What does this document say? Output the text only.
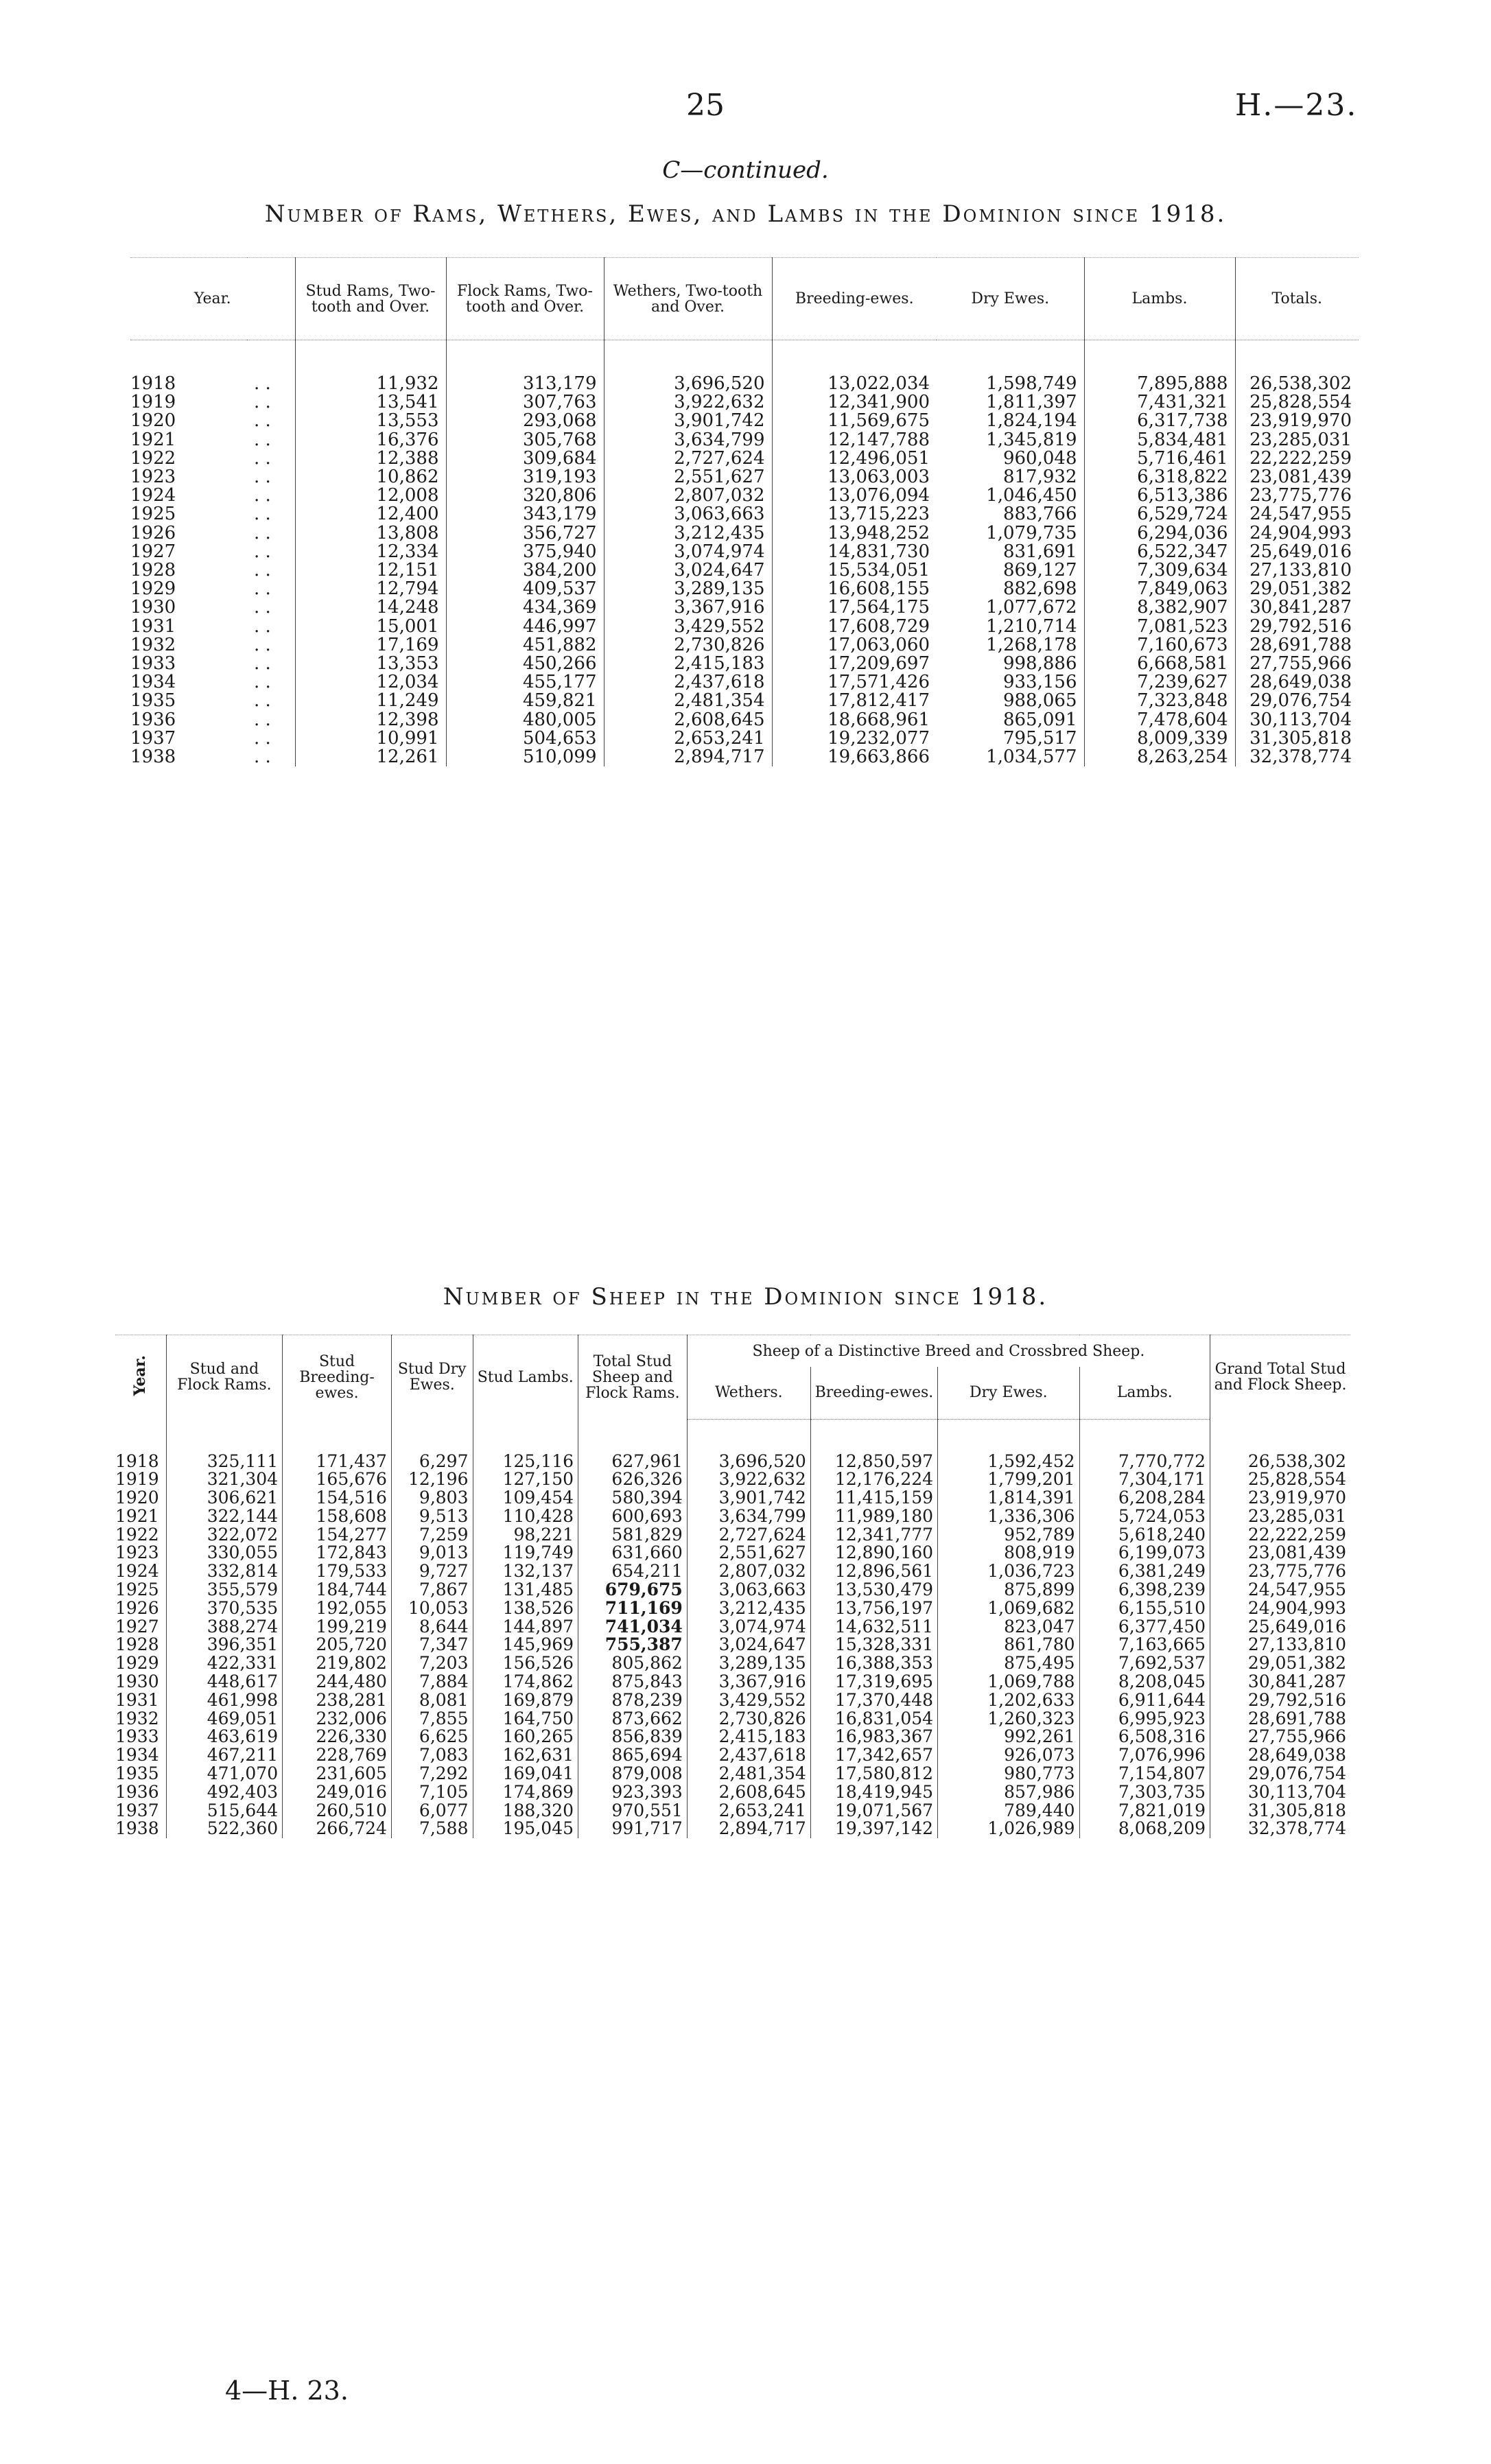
25	H.—23.
C—continued.
Number of Rams, Wethers, Ewes, and Lambs in the Dominion since 1918.
Year.		Stud Rams, Two-tooth and Over.	Flock Rams, Two-tooth and Over.	Wethers, Two-tooth and Over.	Breeding-ewes.	Dry Ewes.	Lambs.	Totals.

1918	. .	11,932	313,179	3,696,520	13,022,034	1,598,749	7,895,888	26,538,302
1919	. .	13,541	307,763	3,922,632	12,341,900	1,811,397	7,431,321	25,828,554
1920	. .	13,553	293,068	3,901,742	11,569,675	1,824,194	6,317,738	23,919,970
1921	. .	16,376	305,768	3,634,799	12,147,788	1,345,819	5,834,481	23,285,031
1922	. .	12,388	309,684	2,727,624	12,496,051	960,048	5,716,461	22,222,259
1923	. .	10,862	319,193	2,551,627	13,063,003	817,932	6,318,822	23,081,439
1924	. .	12,008	320,806	2,807,032	13,076,094	1,046,450	6,513,386	23,775,776
1925	. .	12,400	343,179	3,063,663	13,715,223	883,766	6,529,724	24,547,955
1926	. .	13,808	356,727	3,212,435	13,948,252	1,079,735	6,294,036	24,904,993
1927	. .	12,334	375,940	3,074,974	14,831,730	831,691	6,522,347	25,649,016
1928	. .	12,151	384,200	3,024,647	15,534,051	869,127	7,309,634	27,133,810
1929	. .	12,794	409,537	3,289,135	16,608,155	882,698	7,849,063	29,051,382
1930	. .	14,248	434,369	3,367,916	17,564,175	1,077,672	8,382,907	30,841,287
1931	. .	15,001	446,997	3,429,552	17,608,729	1,210,714	7,081,523	29,792,516
1932	. .	17,169	451,882	2,730,826	17,063,060	1,268,178	7,160,673	28,691,788
1933	. .	13,353	450,266	2,415,183	17,209,697	998,886	6,668,581	27,755,966
1934	. .	12,034	455,177	2,437,618	17,571,426	933,156	7,239,627	28,649,038
1935	. .	11,249	459,821	2,481,354	17,812,417	988,065	7,323,848	29,076,754
1936	. .	12,398	480,005	2,608,645	18,668,961	865,091	7,478,604	30,113,704
1937	. .	10,991	504,653	2,653,241	19,232,077	795,517	8,009,339	31,305,818
1938	. .	12,261	510,099	2,894,717	19,663,866	1,034,577	8,263,254	32,378,774
Number of Sheep in the Dominion since 1918.
Year.	Stud and Flock Rams.	Stud Breeding-ewes.	Stud Dry Ewes.	Stud Lambs.	Total Stud Sheep and Flock Rams.	Sheep of a Distinctive Breed and Crossbred Sheep.				Grand Total Stud and Flock Sheep.
						Wethers.	Breeding-ewes.	Dry Ewes.	Lambs.	

1918	325,111	171,437	6,297	125,116	627,961	3,696,520	12,850,597	1,592,452	7,770,772	26,538,302
1919	321,304	165,676	12,196	127,150	626,326	3,922,632	12,176,224	1,799,201	7,304,171	25,828,554
1920	306,621	154,516	9,803	109,454	580,394	3,901,742	11,415,159	1,814,391	6,208,284	23,919,970
1921	322,144	158,608	9,513	110,428	600,693	3,634,799	11,989,180	1,336,306	5,724,053	23,285,031
1922	322,072	154,277	7,259	98,221	581,829	2,727,624	12,341,777	952,789	5,618,240	22,222,259
1923	330,055	172,843	9,013	119,749	631,660	2,551,627	12,890,160	808,919	6,199,073	23,081,439
1924	332,814	179,533	9,727	132,137	654,211	2,807,032	12,896,561	1,036,723	6,381,249	23,775,776
1925	355,579	184,744	7,867	131,485	679,675	3,063,663	13,530,479	875,899	6,398,239	24,547,955
1926	370,535	192,055	10,053	138,526	711,169	3,212,435	13,756,197	1,069,682	6,155,510	24,904,993
1927	388,274	199,219	8,644	144,897	741,034	3,074,974	14,632,511	823,047	6,377,450	25,649,016
1928	396,351	205,720	7,347	145,969	755,387	3,024,647	15,328,331	861,780	7,163,665	27,133,810
1929	422,331	219,802	7,203	156,526	805,862	3,289,135	16,388,353	875,495	7,692,537	29,051,382
1930	448,617	244,480	7,884	174,862	875,843	3,367,916	17,319,695	1,069,788	8,208,045	30,841,287
1931	461,998	238,281	8,081	169,879	878,239	3,429,552	17,370,448	1,202,633	6,911,644	29,792,516
1932	469,051	232,006	7,855	164,750	873,662	2,730,826	16,831,054	1,260,323	6,995,923	28,691,788
1933	463,619	226,330	6,625	160,265	856,839	2,415,183	16,983,367	992,261	6,508,316	27,755,966
1934	467,211	228,769	7,083	162,631	865,694	2,437,618	17,342,657	926,073	7,076,996	28,649,038
1935	471,070	231,605	7,292	169,041	879,008	2,481,354	17,580,812	980,773	7,154,807	29,076,754
1936	492,403	249,016	7,105	174,869	923,393	2,608,645	18,419,945	857,986	7,303,735	30,113,704
1937	515,644	260,510	6,077	188,320	970,551	2,653,241	19,071,567	789,440	7,821,019	31,305,818
1938	522,360	266,724	7,588	195,045	991,717	2,894,717	19,397,142	1,026,989	8,068,209	32,378,774
4—H. 23.
